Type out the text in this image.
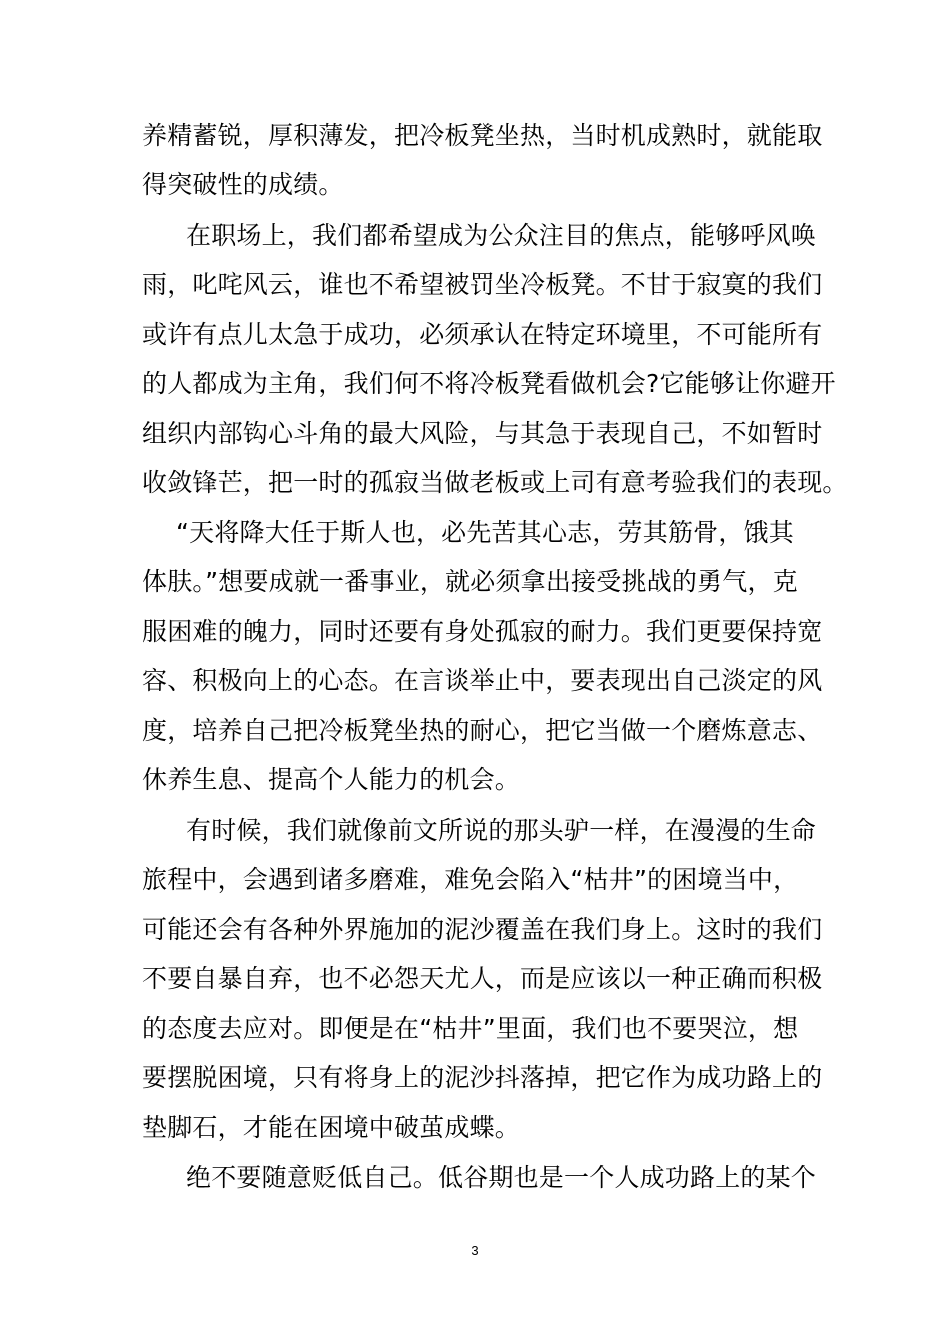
养精蓄锐，厚积薄发，把冷板凳坐热，当时机成熟时，就能取
得突破性的成绩。
在职场上，我们都希望成为公众注目的焦点，能够呼风唤
雨，叱咤风云，谁也不希望被罚坐冷板凳。不甘于寂寞的我们
或许有点儿太急于成功，必须承认在特定环境里，不可能所有
的人都成为主角，我们何不将冷板凳看做机会?它能够让你避开
组织内部钩心斗角的最大风险，与其急于表现自己，不如暂时
收敛锋芒，把一时的孤寂当做老板或上司有意考验我们的表现。
“天将降大任于斯人也，必先苦其心志，劳其筋骨，饿其
体肤。”想要成就一番事业，就必须拿出接受挑战的勇气，克
服困难的魄力，同时还要有身处孤寂的耐力。我们更要保持宽
容、积极向上的心态。在言谈举止中，要表现出自己淡定的风
度，培养自己把冷板凳坐热的耐心，把它当做一个磨炼意志、
休养生息、提高个人能力的机会。
有时候，我们就像前文所说的那头驴一样，在漫漫的生命
旅程中，会遇到诸多磨难，难免会陷入“枯井”的困境当中，
可能还会有各种外界施加的泥沙覆盖在我们身上。这时的我们
不要自暴自弃，也不必怨天尤人，而是应该以一种正确而积极
的态度去应对。即便是在“枯井”里面，我们也不要哭泣，想
要摆脱困境，只有将身上的泥沙抖落掉，把它作为成功路上的
垫脚石，才能在困境中破茧成蝶。
绝不要随意贬低自己。低谷期也是一个人成功路上的某个
3
